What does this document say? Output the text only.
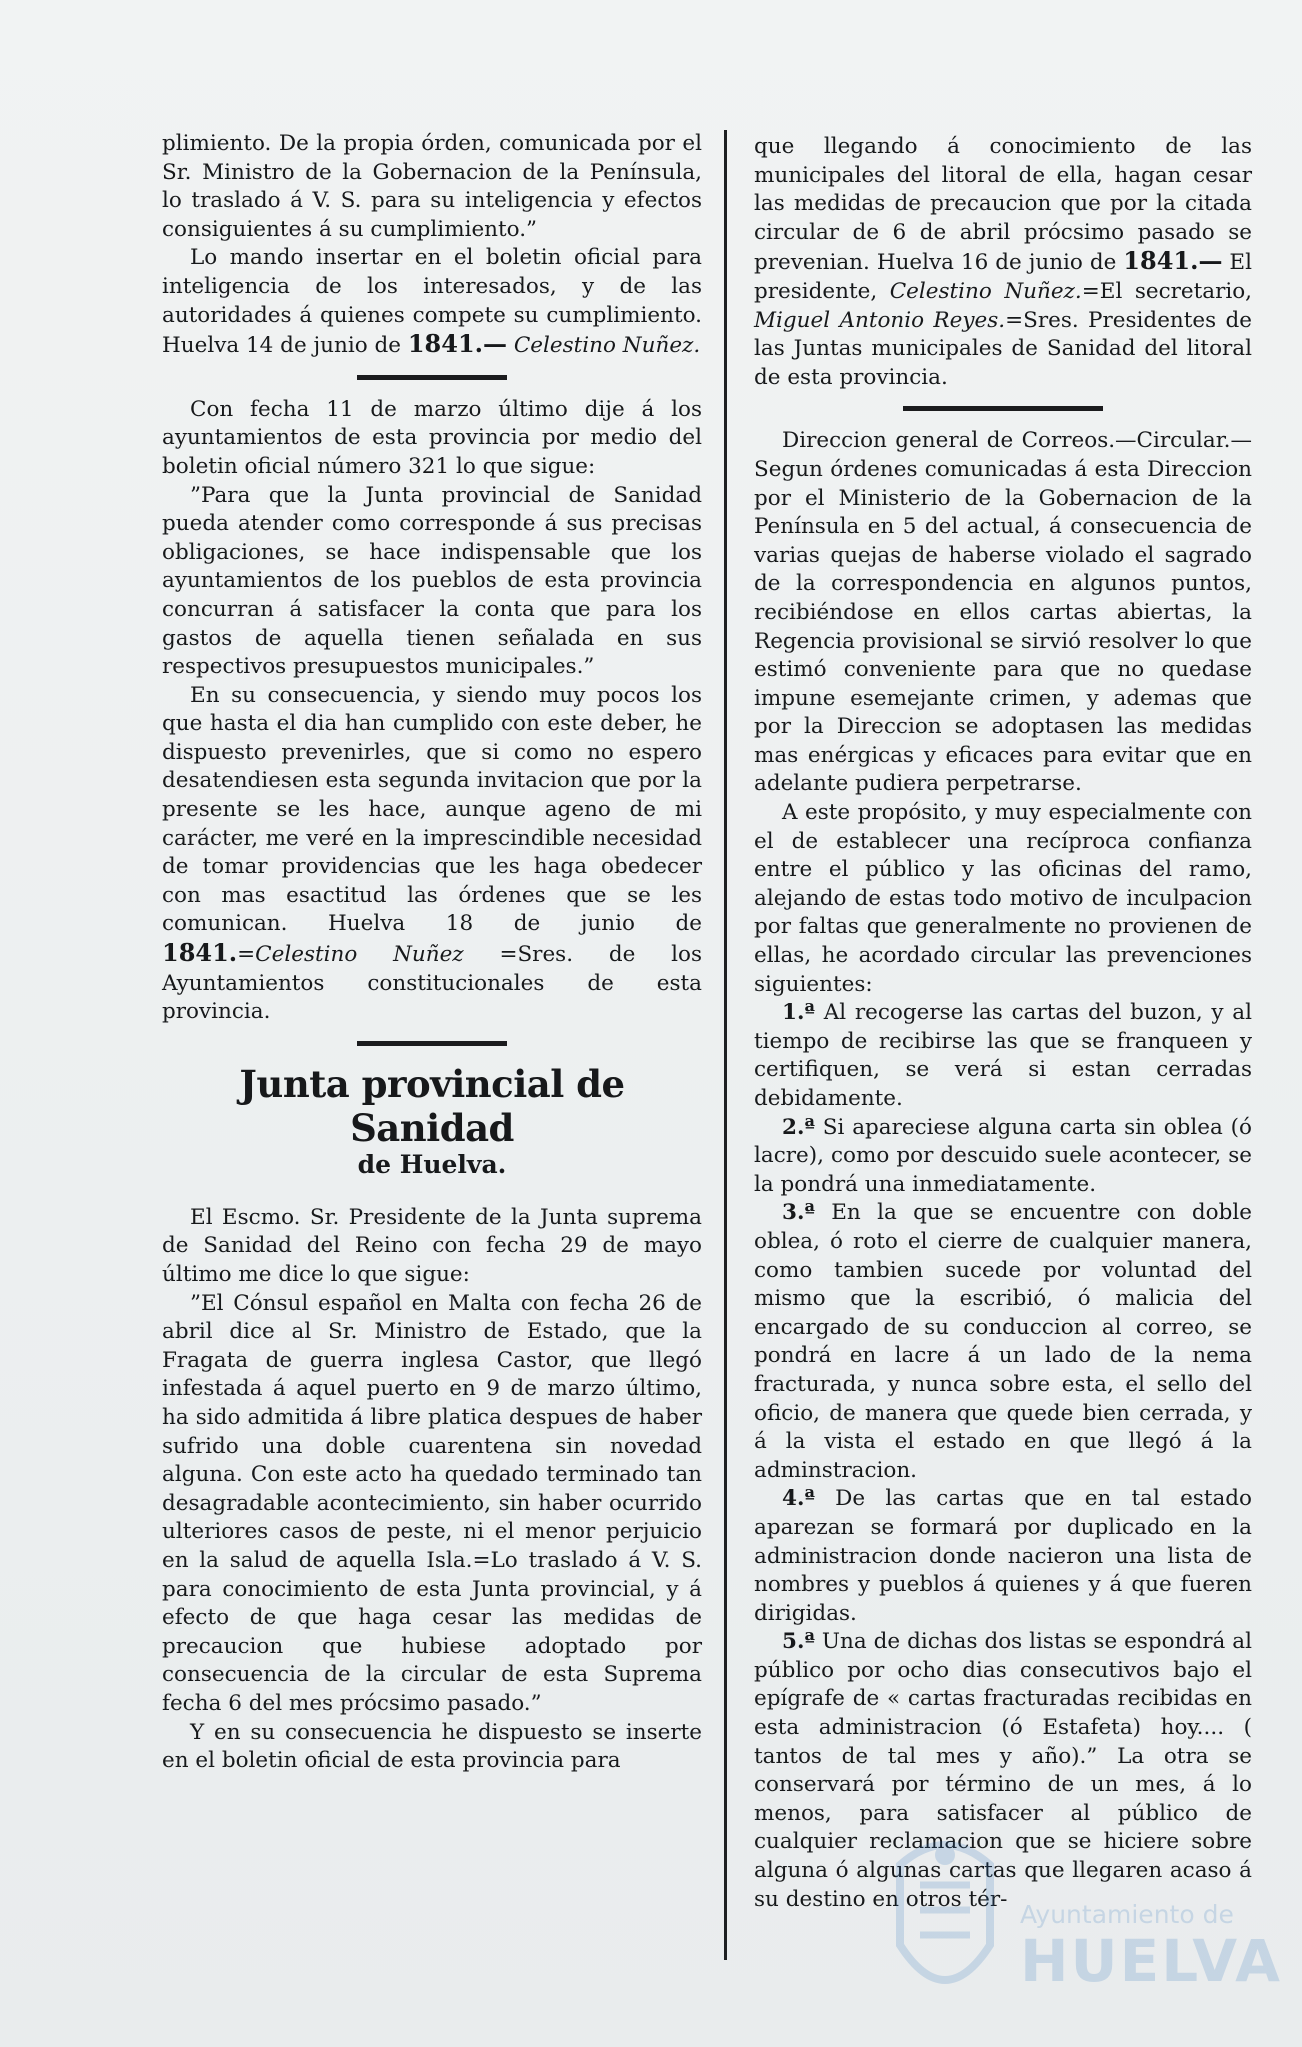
plimiento. De la propia órden, comunicada por el Sr. Ministro de la Gobernacion de la Península, lo traslado á V. S. para su inteligencia y efectos consiguientes á su cumplimiento.”

Lo mando insertar en el boletin oficial para inteligencia de los interesados, y de las autoridades á quienes compete su cumplimiento. Huelva 14 de junio de 1841.— Celestino Nuñez.

Con fecha 11 de marzo último dije á los ayuntamientos de esta provincia por medio del boletin oficial número 321 lo que sigue:

”Para que la Junta provincial de Sanidad pueda atender como corresponde á sus precisas obligaciones, se hace indispensable que los ayuntamientos de los pueblos de esta provincia concurran á satisfacer la conta que para los gastos de aquella tienen señalada en sus respectivos presupuestos municipales.”

En su consecuencia, y siendo muy pocos los que hasta el dia han cumplido con este deber, he dispuesto prevenirles, que si como no espero desatendiesen esta segunda invitacion que por la presente se les hace, aunque ageno de mi carácter, me veré en la imprescindible necesidad de tomar providencias que les haga obedecer con mas esactitud las órdenes que se les comunican. Huelva 18 de junio de 1841.=Celestino Nuñez =Sres. de los Ayuntamientos constitucionales de esta provincia.

Junta provincial de Sanidad
de Huelva.

El Escmo. Sr. Presidente de la Junta suprema de Sanidad del Reino con fecha 29 de mayo último me dice lo que sigue:

”El Cónsul español en Malta con fecha 26 de abril dice al Sr. Ministro de Estado, que la Fragata de guerra inglesa Castor, que llegó infestada á aquel puerto en 9 de marzo último, ha sido admitida á libre platica despues de haber sufrido una doble cuarentena sin novedad alguna. Con este acto ha quedado terminado tan desagradable acontecimiento, sin haber ocurrido ulteriores casos de peste, ni el menor perjuicio en la salud de aquella Isla.=Lo traslado á V. S. para conocimiento de esta Junta provincial, y á efecto de que haga cesar las medidas de precaucion que hubiese adoptado por consecuencia de la circular de esta Suprema fecha 6 del mes prócsimo pasado.”

Y en su consecuencia he dispuesto se inserte en el boletin oficial de esta provincia para

que llegando á conocimiento de las municipales del litoral de ella, hagan cesar las medidas de precaucion que por la citada circular de 6 de abril prócsimo pasado se prevenian. Huelva 16 de junio de 1841.— El presidente, Celestino Nuñez.=El secretario, Miguel Antonio Reyes.=Sres. Presidentes de las Juntas municipales de Sanidad del litoral de esta provincia.

Direccion general de Correos.—Circular.—Segun órdenes comunicadas á esta Direccion por el Ministerio de la Gobernacion de la Península en 5 del actual, á consecuencia de varias quejas de haberse violado el sagrado de la correspondencia en algunos puntos, recibiéndose en ellos cartas abiertas, la Regencia provisional se sirvió resolver lo que estimó conveniente para que no quedase impune esemejante crimen, y ademas que por la Direccion se adoptasen las medidas mas enérgicas y eficaces para evitar que en adelante pudiera perpetrarse.

A este propósito, y muy especialmente con el de establecer una recíproca confianza entre el público y las oficinas del ramo, alejando de estas todo motivo de inculpacion por faltas que generalmente no provienen de ellas, he acordado circular las prevenciones siguientes:

1.ª Al recogerse las cartas del buzon, y al tiempo de recibirse las que se franqueen y certifiquen, se verá si estan cerradas debidamente.

2.ª Si apareciese alguna carta sin oblea (ó lacre), como por descuido suele acontecer, se la pondrá una inmediatamente.

3.ª En la que se encuentre con doble oblea, ó roto el cierre de cualquier manera, como tambien sucede por voluntad del mismo que la escribió, ó malicia del encargado de su conduccion al correo, se pondrá en lacre á un lado de la nema fracturada, y nunca sobre esta, el sello del oficio, de manera que quede bien cerrada, y á la vista el estado en que llegó á la adminstracion.

4.ª De las cartas que en tal estado aparezan se formará por duplicado en la administracion donde nacieron una lista de nombres y pueblos á quienes y á que fueren dirigidas.

5.ª Una de dichas dos listas se espondrá al público por ocho dias consecutivos bajo el epígrafe de « cartas fracturadas recibidas en esta administracion (ó Estafeta) hoy.... ( tantos de tal mes y año).” La otra se conservará por término de un mes, á lo menos, para satisfacer al público de cualquier reclamacion que se hiciere sobre alguna ó algunas cartas que llegaren acaso á su destino en otros tér-

Ayuntamiento de
HUELVA
